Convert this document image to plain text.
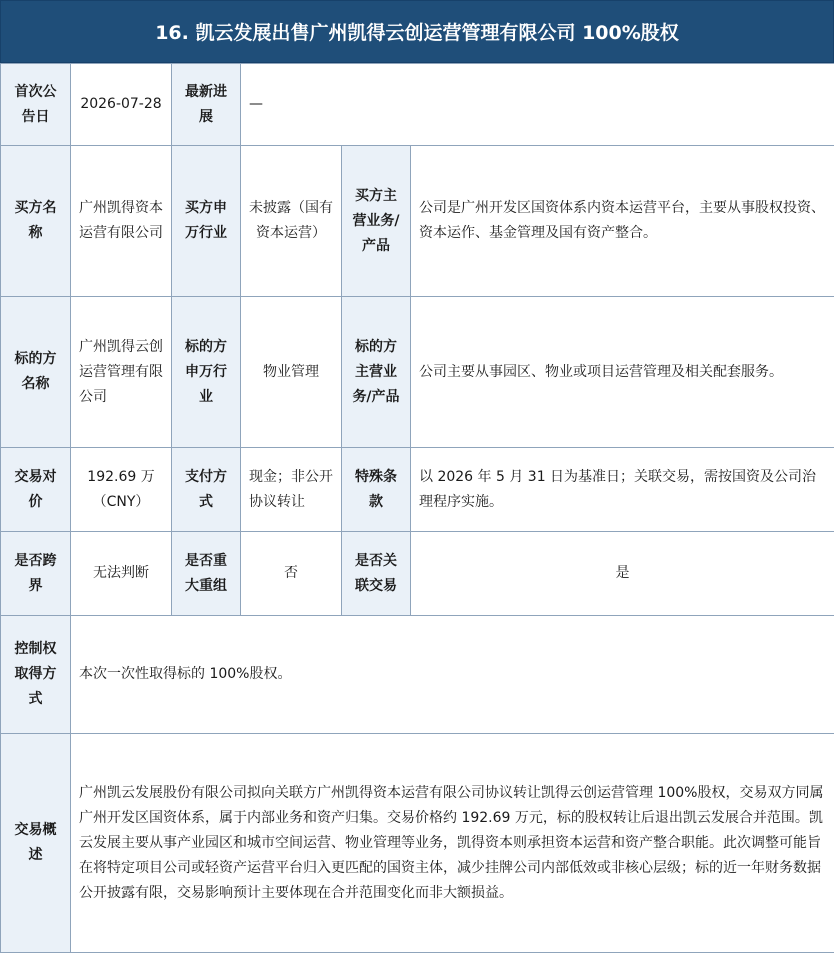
16. 凯云发展出售广州凯得云创运营管理有限公司 100%股权
首次公告日	2026-07-28	最新进展	—		
买方名称	广州凯得资本运营有限公司	买方申万行业	未披露（国有资本运营）	买方主营业务/产品	公司是广州开发区国资体系内资本运营平台，主要从事股权投资、资本运作、基金管理及国有资产整合。
标的方名称	广州凯得云创运营管理有限公司	标的方申万行业	物业管理	标的方主营业务/产品	公司主要从事园区、物业或项目运营管理及相关配套服务。
交易对价	192.69 万（CNY）	支付方式	现金；非公开协议转让	特殊条款	以 2026 年 5 月 31 日为基准日；关联交易，需按国资及公司治理程序实施。
是否跨界	无法判断	是否重大重组	否	是否关联交易	是
控制权取得方式	本次一次性取得标的 100%股权。				
交易概述	广州凯云发展股份有限公司拟向关联方广州凯得资本运营有限公司协议转让凯得云创运营管理 100%股权，交易双方同属广州开发区国资体系，属于内部业务和资产归集。交易价格约 192.69 万元，标的股权转让后退出凯云发展合并范围。凯云发展主要从事产业园区和城市空间运营、物业管理等业务，凯得资本则承担资本运营和资产整合职能。此次调整可能旨在将特定项目公司或轻资产运营平台归入更匹配的国资主体，减少挂牌公司内部低效或非核心层级；标的近一年财务数据公开披露有限，交易影响预计主要体现在合并范围变化而非大额损益。				
